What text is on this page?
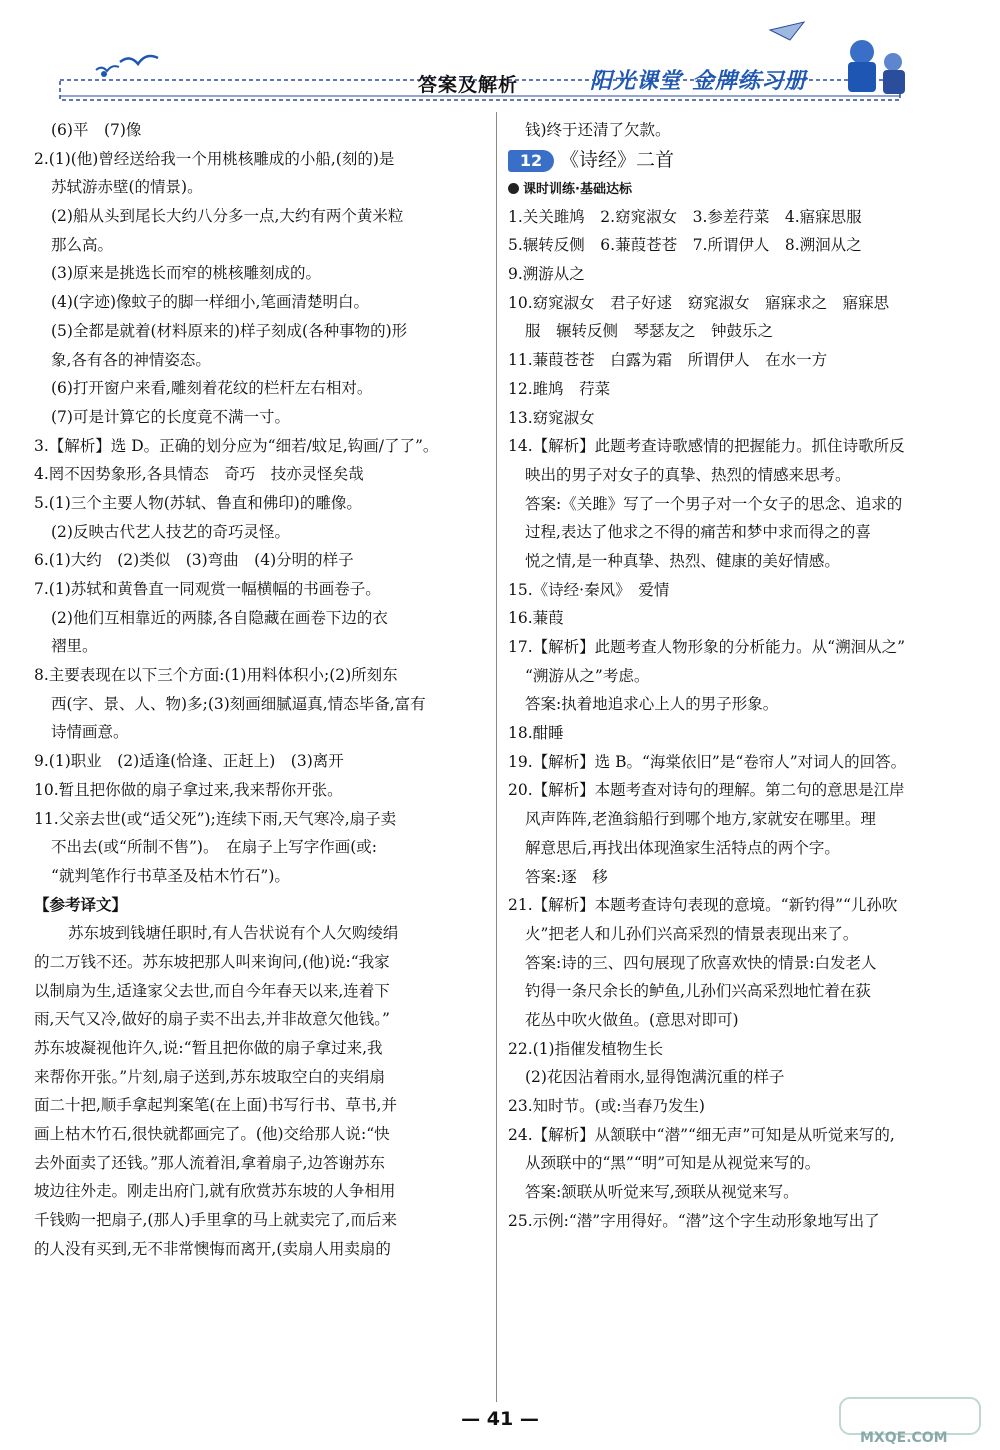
答案及解析	阳光课堂 金牌练习册
(6)平　(7)像
2.(1)(他)曾经送给我一个用桃核雕成的小船,(刻的)是
苏轼游赤壁(的情景)。
(2)船从头到尾长大约八分多一点,大约有两个黄米粒
那么高。
(3)原来是挑选长而窄的桃核雕刻成的。
(4)(字迹)像蚊子的脚一样细小,笔画清楚明白。
(5)全都是就着(材料原来的)样子刻成(各种事物的)形
象,各有各的神情姿态。
(6)打开窗户来看,雕刻着花纹的栏杆左右相对。
(7)可是计算它的长度竟不满一寸。
3.【解析】选 D。正确的划分应为“细若/蚊足,钩画/了了”。
4.罔不因势象形,各具情态　奇巧　技亦灵怪矣哉
5.(1)三个主要人物(苏轼、鲁直和佛印)的雕像。
(2)反映古代艺人技艺的奇巧灵怪。
6.(1)大约　(2)类似　(3)弯曲　(4)分明的样子
7.(1)苏轼和黄鲁直一同观赏一幅横幅的书画卷子。
(2)他们互相靠近的两膝,各自隐藏在画卷下边的衣
褶里。
8.主要表现在以下三个方面:(1)用料体积小;(2)所刻东
西(字、景、人、物)多;(3)刻画细腻逼真,情态毕备,富有
诗情画意。
9.(1)职业　(2)适逢(恰逢、正赶上)　(3)离开
10.暂且把你做的扇子拿过来,我来帮你开张。
11.父亲去世(或“适父死”);连续下雨,天气寒冷,扇子卖
不出去(或“所制不售”)。　在扇子上写字作画(或:
“就判笔作行书草圣及枯木竹石”)。
【参考译文】
苏东坡到钱塘任职时,有人告状说有个人欠购绫绢
的二万钱不还。苏东坡把那人叫来询问,(他)说:“我家
以制扇为生,适逢家父去世,而自今年春天以来,连着下
雨,天气又冷,做好的扇子卖不出去,并非故意欠他钱。”
苏东坡凝视他许久,说:“暂且把你做的扇子拿过来,我
来帮你开张。”片刻,扇子送到,苏东坡取空白的夹绢扇
面二十把,顺手拿起判案笔(在上面)书写行书、草书,并
画上枯木竹石,很快就都画完了。(他)交给那人说:“快
去外面卖了还钱。”那人流着泪,拿着扇子,边答谢苏东
坡边往外走。刚走出府门,就有欣赏苏东坡的人争相用
千钱购一把扇子,(那人)手里拿的马上就卖完了,而后来
的人没有买到,无不非常懊悔而离开,(卖扇人用卖扇的
钱)终于还清了欠款。
12 《诗经》二首
课时训练·基础达标
1.关关雎鸠　2.窈窕淑女　3.参差荇菜　4.寤寐思服
5.辗转反侧　6.蒹葭苍苍　7.所谓伊人　8.溯洄从之
9.溯游从之
10.窈窕淑女　君子好逑　窈窕淑女　寤寐求之　寤寐思
服　辗转反侧　琴瑟友之　钟鼓乐之
11.蒹葭苍苍　白露为霜　所谓伊人　在水一方
12.雎鸠　荇菜
13.窈窕淑女
14.【解析】此题考查诗歌感情的把握能力。抓住诗歌所反
映出的男子对女子的真挚、热烈的情感来思考。
答案:《关雎》写了一个男子对一个女子的思念、追求的
过程,表达了他求之不得的痛苦和梦中求而得之的喜
悦之情,是一种真挚、热烈、健康的美好情感。
15.《诗经·秦风》　爱情
16.蒹葭
17.【解析】此题考查人物形象的分析能力。从“溯洄从之”
“溯游从之”考虑。
答案:执着地追求心上人的男子形象。
18.酣睡
19.【解析】选 B。“海棠依旧”是“卷帘人”对词人的回答。
20.【解析】本题考查对诗句的理解。第二句的意思是江岸
风声阵阵,老渔翁船行到哪个地方,家就安在哪里。理
解意思后,再找出体现渔家生活特点的两个字。
答案:逐　移
21.【解析】本题考查诗句表现的意境。“新钓得”“儿孙吹
火”把老人和儿孙们兴高采烈的情景表现出来了。
答案:诗的三、四句展现了欣喜欢快的情景:白发老人
钓得一条尺余长的鲈鱼,儿孙们兴高采烈地忙着在荻
花丛中吹火做鱼。(意思对即可)
22.(1)指催发植物生长
(2)花因沾着雨水,显得饱满沉重的样子
23.知时节。(或:当春乃发生)
24.【解析】从颔联中“潜”“细无声”可知是从听觉来写的,
从颈联中的“黑”“明”可知是从视觉来写的。
答案:颔联从听觉来写,颈联从视觉来写。
25.示例:“潜”字用得好。“潜”这个字生动形象地写出了
— 41 —
MXQE.COM
